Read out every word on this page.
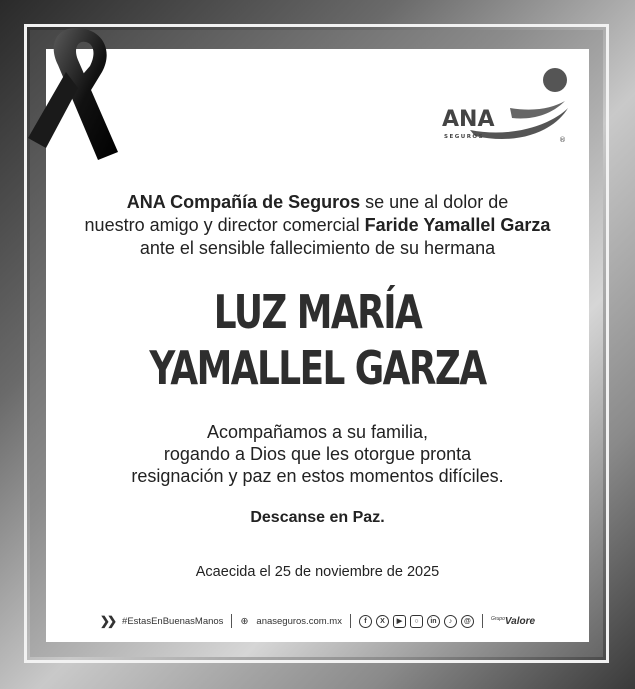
ANA
SEGUROS	®
ANA Compañía de Seguros se une al dolor de
nuestro amigo y director comercial Faride Yamallel Garza
ante el sensible fallecimiento de su hermana
LUZ MARÍA
YAMALLEL GARZA
Acompañamos a su familia,
rogando a Dios que les otorgue pronta
resignación y paz en estos momentos difíciles.
Descanse en Paz.
Acaecida el 25 de noviembre de 2025
❯❯ #EstasEnBuenasManos ⊕ anaseguros.com.mx	f	X	▶	○	in	♪	@	$^{Grupo}$Valore
